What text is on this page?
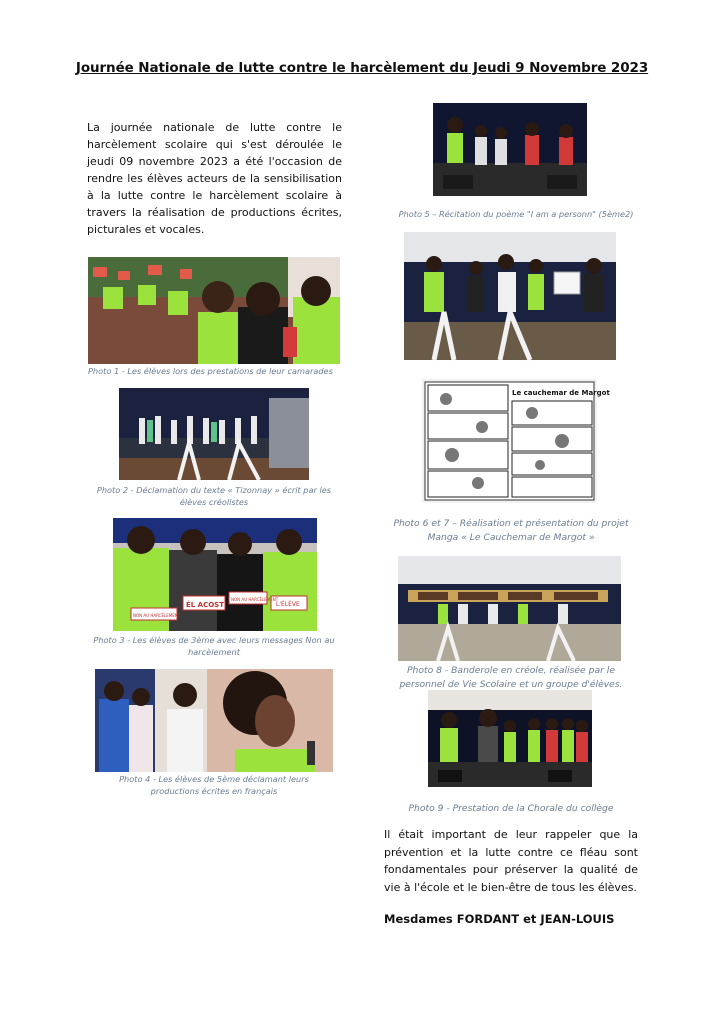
Journée Nationale de lutte contre le harcèlement du Jeudi 9 Novembre 2023

La journée nationale de lutte contre le harcèlement scolaire qui s'est déroulée le jeudi 09 novembre 2023 a été l'occasion de rendre les élèves acteurs de la sensibilisation à la lutte contre le harcèlement scolaire à travers la réalisation de productions écrites, picturales et vocales.

Photo 1 - Les élèves lors des prestations de leur camarades

Photo 2 - Déclamation du texte « Tizonnay » écrit par les élèves créolistes

ÉL ACOST
NON AU HARCÈLEMENT
NON AU HARCÈLEMENT
L'ÉLÈVE

Photo 3 - Les élèves de 3ème avec leurs messages Non au harcèlement

Photo 4 - Les élèves de 5ème déclamant leurs productions écrites en français

Photo 5 – Récitation du poème "I am a personn" (5ème2)

Le cauchemar de Margot

Photo 6 et 7 – Réalisation et présentation du projet Manga « Le Cauchemar de Margot »

Photo 8 - Banderole en créole, réalisée par le personnel de Vie Scolaire et un groupe d'élèves.

Photo 9 - Prestation de la Chorale du collège

Il était important de leur rappeler que la prévention et la lutte contre ce fléau sont fondamentales pour préserver la qualité de vie à l'école et le bien-être de tous les élèves.

Mesdames FORDANT et JEAN-LOUIS
